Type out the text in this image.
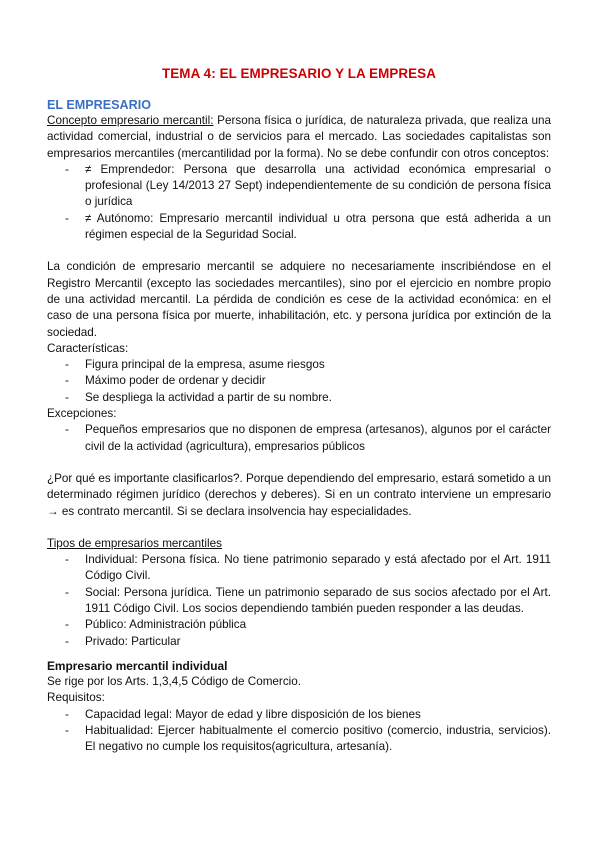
TEMA 4: EL EMPRESARIO Y LA EMPRESA
EL EMPRESARIO

Concepto empresario mercantil: Persona física o jurídica, de naturaleza privada, que realiza una actividad comercial, industrial o de servicios para el mercado. Las sociedades capitalistas son empresarios mercantiles (mercantilidad por la forma). No se debe confundir con otros conceptos:

- ≠ Emprendedor: Persona que desarrolla una actividad económica empresarial o profesional (Ley 14/2013 27 Sept) independientemente de su condición de persona física o jurídica
- ≠ Autónomo: Empresario mercantil individual u otra persona que está adherida a un régimen especial de la Seguridad Social.

La condición de empresario mercantil se adquiere no necesariamente inscribiéndose en el Registro Mercantil (excepto las sociedades mercantiles), sino por el ejercicio en nombre propio de una actividad mercantil. La pérdida de condición es cese de la actividad económica: en el caso de una persona física por muerte, inhabilitación, etc. y persona jurídica por extinción de la sociedad.

Características:

- Figura principal de la empresa, asume riesgos
- Máximo poder de ordenar y decidir
- Se despliega la actividad a partir de su nombre.

Excepciones:

- Pequeños empresarios que no disponen de empresa (artesanos), algunos por el carácter civil de la actividad (agricultura), empresarios públicos

¿Por qué es importante clasificarlos?. Porque dependiendo del empresario, estará sometido a un determinado régimen jurídico (derechos y deberes). Si en un contrato interviene un empresario → es contrato mercantil. Si se declara insolvencia hay especialidades.

Tipos de empresarios mercantiles

- Individual: Persona física. No tiene patrimonio separado y está afectado por el Art. 1911 Código Civil.
- Social: Persona jurídica. Tiene un patrimonio separado de sus socios afectado por el Art. 1911 Código Civil. Los socios dependiendo también pueden responder a las deudas.
- Público: Administración pública
- Privado: Particular

Empresario mercantil individual

Se rige por los Arts. 1,3,4,5 Código de Comercio.

Requisitos:

- Capacidad legal: Mayor de edad y libre disposición de los bienes
- Habitualidad: Ejercer habitualmente el comercio positivo (comercio, industria, servicios). El negativo no cumple los requisitos(agricultura, artesanía).
